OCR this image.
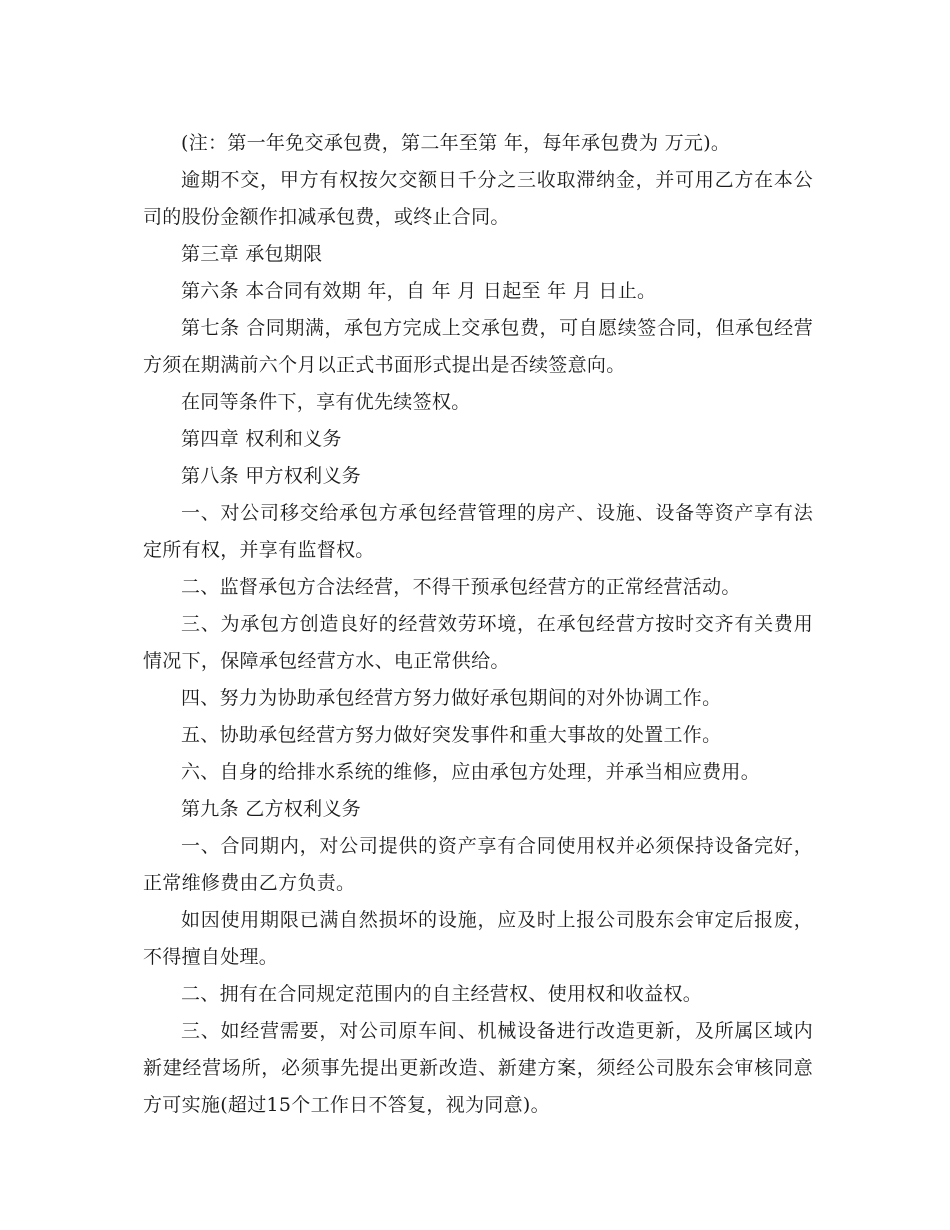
(注：第一年免交承包费，第二年至第 年，每年承包费为 万元)。

逾期不交，甲方有权按欠交额日千分之三收取滞纳金，并可用乙方在本公司的股份金额作扣减承包费，或终止合同。

第三章 承包期限

第六条 本合同有效期 年，自 年 月 日起至 年 月 日止。

第七条 合同期满，承包方完成上交承包费，可自愿续签合同，但承包经营方须在期满前六个月以正式书面形式提出是否续签意向。

在同等条件下，享有优先续签权。

第四章 权利和义务

第八条 甲方权利义务

一、对公司移交给承包方承包经营管理的房产、设施、设备等资产享有法定所有权，并享有监督权。

二、监督承包方合法经营，不得干预承包经营方的正常经营活动。

三、为承包方创造良好的经营效劳环境，在承包经营方按时交齐有关费用情况下，保障承包经营方水、电正常供给。

四、努力为协助承包经营方努力做好承包期间的对外协调工作。

五、协助承包经营方努力做好突发事件和重大事故的处置工作。

六、自身的给排水系统的维修，应由承包方处理，并承当相应费用。

第九条 乙方权利义务

一、合同期内，对公司提供的资产享有合同使用权并必须保持设备完好，正常维修费由乙方负责。

如因使用期限已满自然损坏的设施，应及时上报公司股东会审定后报废，不得擅自处理。

二、拥有在合同规定范围内的自主经营权、使用权和收益权。

三、如经营需要，对公司原车间、机械设备进行改造更新，及所属区域内新建经营场所，必须事先提出更新改造、新建方案，须经公司股东会审核同意方可实施(超过15个工作日不答复，视为同意)。
